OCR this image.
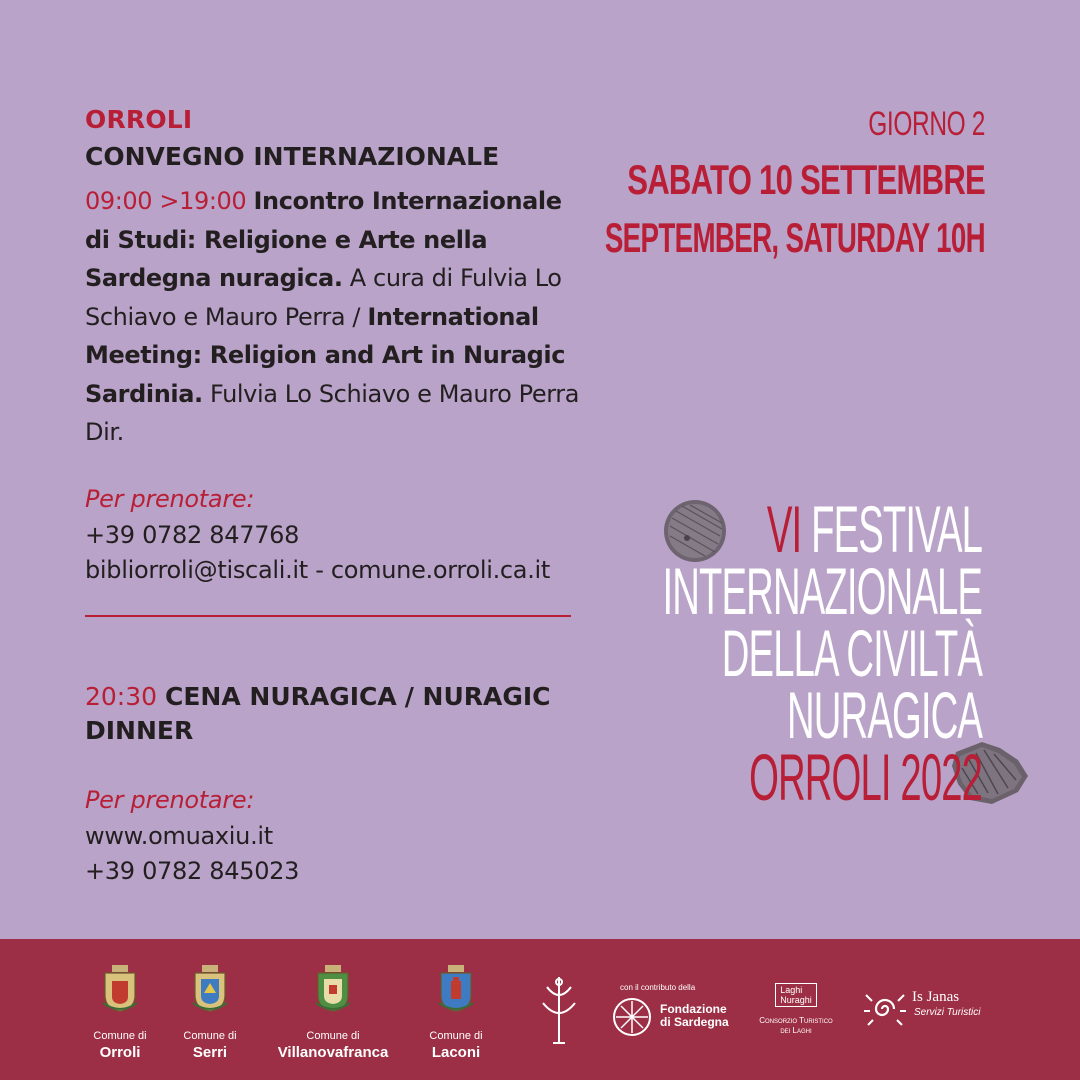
ORROLI
CONVEGNO INTERNAZIONALE
09:00 >19:00 Incontro Internazionale di Studi: Religione e Arte nella Sardegna nuragica. A cura di Fulvia Lo Schiavo e Mauro Perra / International Meeting: Religion and Art in Nuragic Sardinia. Fulvia Lo Schiavo e Mauro Perra Dir.
Per prenotare:
+39 0782 847768
bibliorroli@tiscali.it - comune.orroli.ca.it
20:30 CENA NURAGICA / NURAGIC DINNER
Per prenotare:
www.omuaxiu.it
+39 0782 845023
GIORNO 2
SABATO 10 SETTEMBRE
SEPTEMBER, SATURDAY 10H
VI FESTIVAL
INTERNAZIONALE
DELLA CIVILTÀ
NURAGICA
ORROLI 2022
Comune di
Orroli
Comune di
Serri
Comune di
Villanovafranca
Comune di
Laconi
con il contributo della
Fondazione
di Sardegna
Laghi
Nuraghi
Consorzio Turistico
dei Laghi
Is Janas
Servizi Turistici
